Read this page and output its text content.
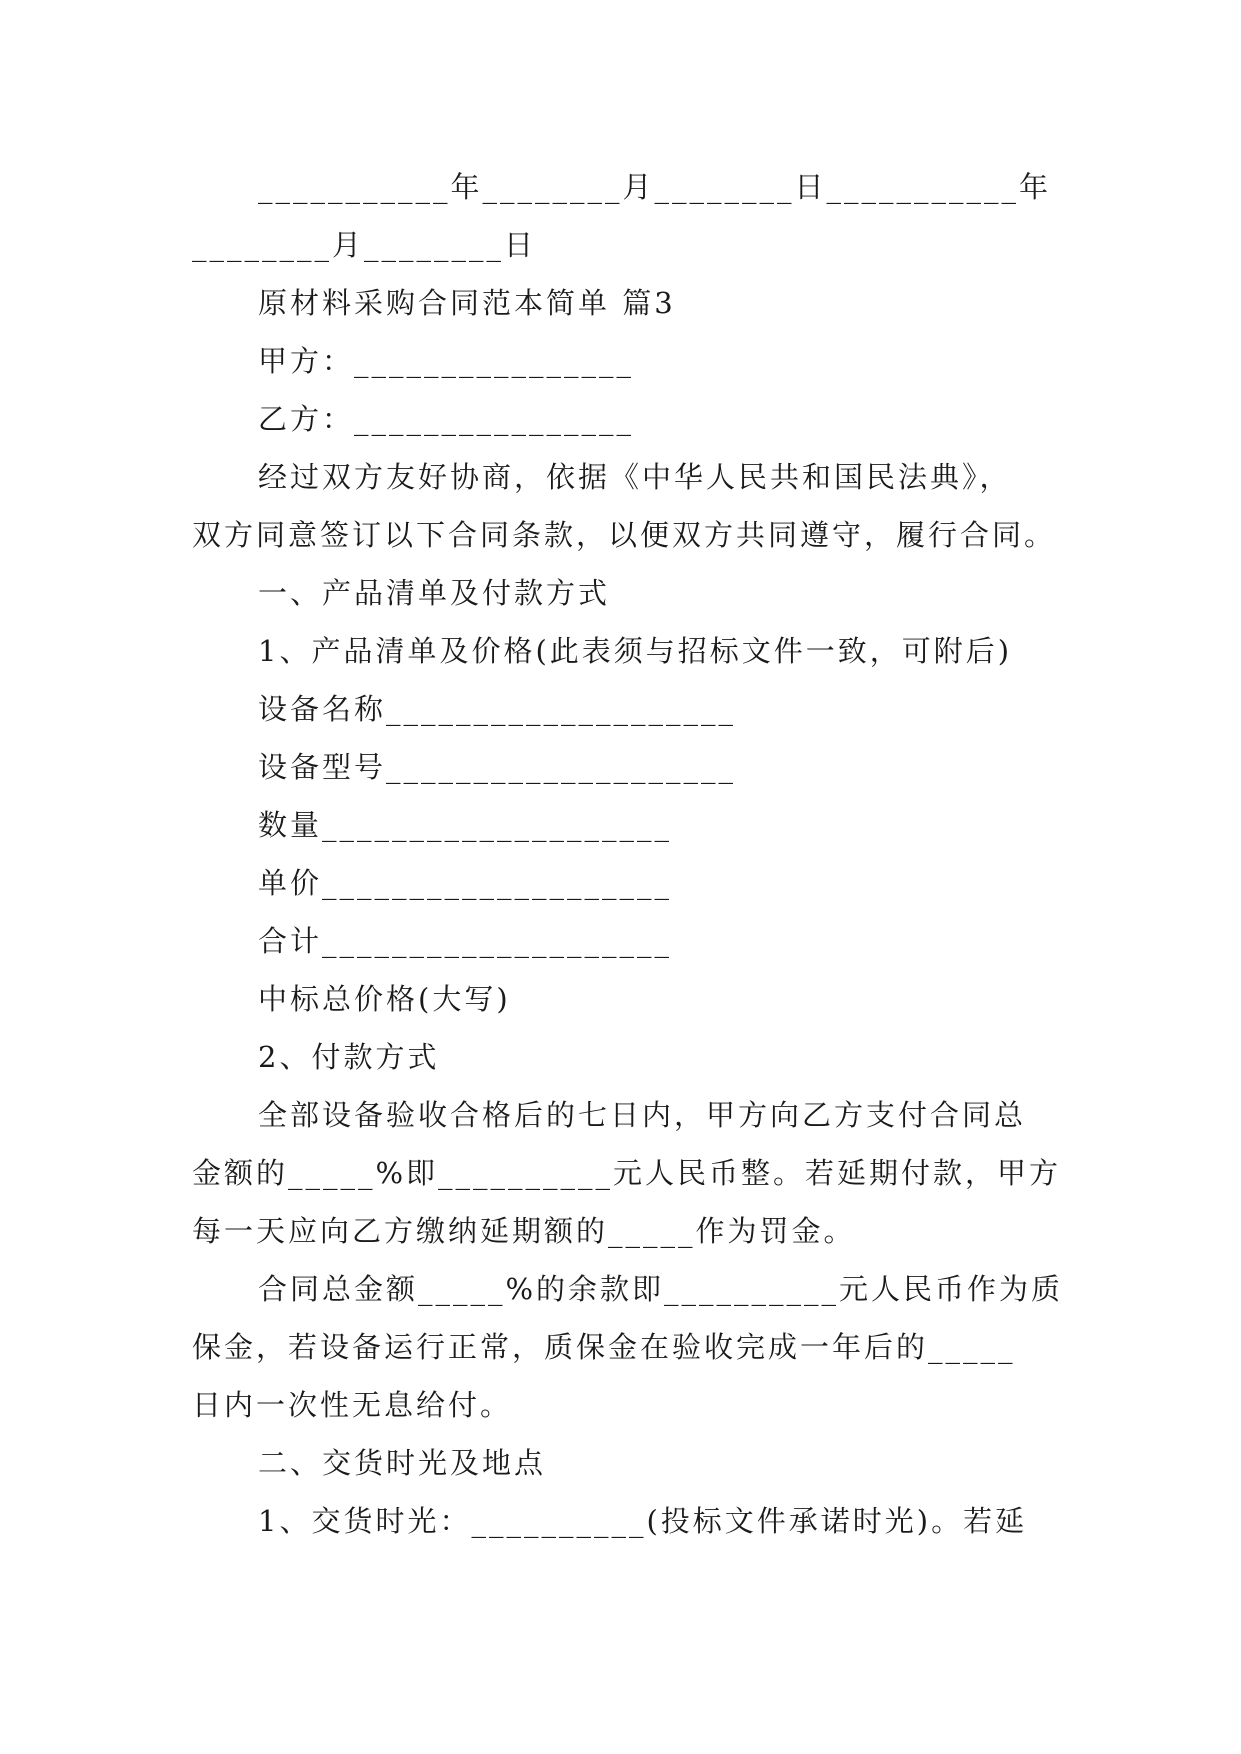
___________年________月________日___________年
________月________日
原材料采购合同范本简单 篇3
甲方：________________
乙方：________________
经过双方友好协商，依据《中华人民共和国民法典》，
双方同意签订以下合同条款，以便双方共同遵守，履行合同。
一、产品清单及付款方式
1、产品清单及价格(此表须与招标文件一致，可附后)
设备名称____________________
设备型号____________________
数量____________________
单价____________________
合计____________________
中标总价格(大写)
2、付款方式
全部设备验收合格后的七日内，甲方向乙方支付合同总
金额的_____%即__________元人民币整。若延期付款，甲方
每一天应向乙方缴纳延期额的_____作为罚金。
合同总金额_____%的余款即__________元人民币作为质
保金，若设备运行正常，质保金在验收完成一年后的_____
日内一次性无息给付。
二、交货时光及地点
1、交货时光：__________(投标文件承诺时光)。若延
